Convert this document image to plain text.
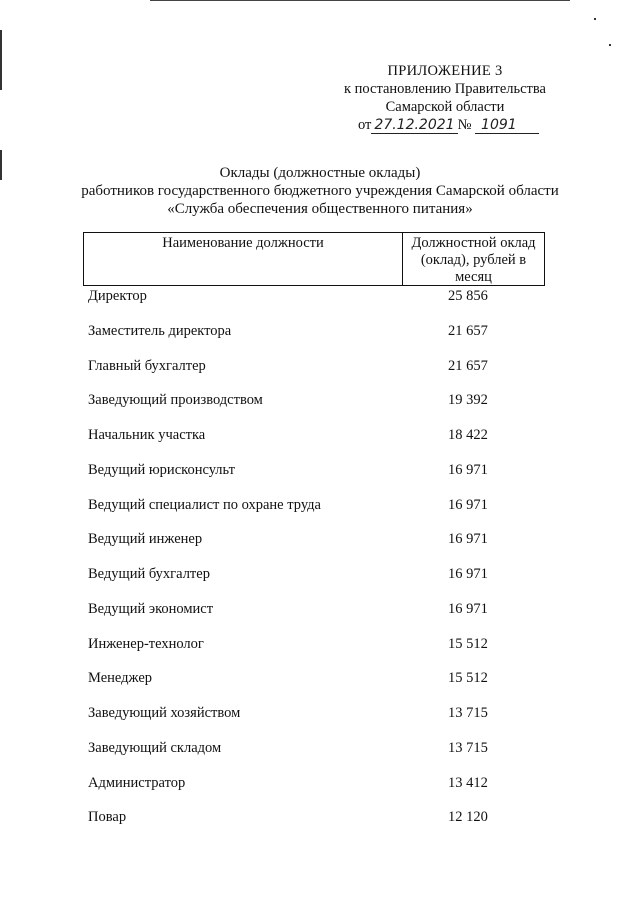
ПРИЛОЖЕНИЕ 3
к постановлению Правительства
Самарской области
от 27.12.2021 № 1091
Оклады (должностные оклады)
работников государственного бюджетного учреждения Самарской области
«Служба обеспечения общественного питания»
Наименование должности	Должностной оклад
(оклад), рублей в
месяц
Директор	25 856
Заместитель директора	21 657
Главный бухгалтер	21 657
Заведующий производством	19 392
Начальник участка	18 422
Ведущий юрисконсульт	16 971
Ведущий специалист по охране труда	16 971
Ведущий инженер	16 971
Ведущий бухгалтер	16 971
Ведущий экономист	16 971
Инженер-технолог	15 512
Менеджер	15 512
Заведующий хозяйством	13 715
Заведующий складом	13 715
Администратор	13 412
Повар	12 120
